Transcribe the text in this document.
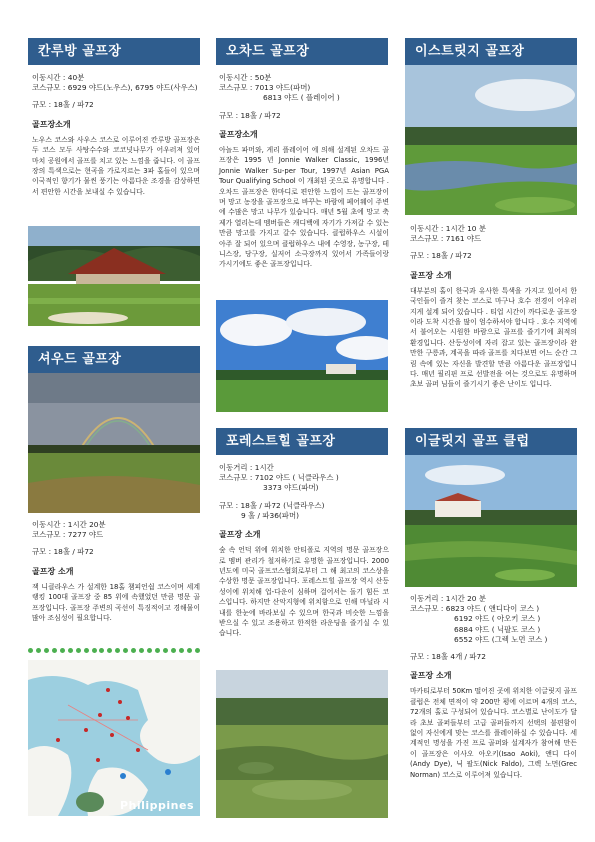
칸루방 골프장
이동시간 : 40분
코스규모 : 6929 야드(노우스), 6795 야드(사우스)
규모 : 18홀 / 파72
골프장소개
노우스 코스와 사우스 코스로 이루어진 칸루방 골프장은 두 코스 모두 사탕수수와 코코넛나무가 어우러져 있어 마치 공원에서 골프를 치고 있는 느낌을 줍니다. 이 골프장의 특색으로는 현곡을 가로지르는 3파 홀들이 있으며 이국적인 향기가 물씬 풍기는 아름다운 조경을 감상하면서 편안한 시간을 보내실 수 있습니다.
셔우드 골프장
이동시간 : 1시간 20분
코스규모 : 7277 야드
규모 : 18홀 / 파72
골프장 소개
잭 니클라우스 가 설계한 18홀 챔피언쉽 코스이며 세계 랭킹 100대 골프장 중 85 위에 속했었던 만큼 명문 골프장입니다. 골프장 주변의 곡선이 특징적이고 경해물이 많아 조심성이 필요합니다.
Philippines
오차드 골프장
이동시간 : 50분
코스규모 : 7013 야드(파머)
6813 야드 ( 플레이어 )
규모 : 18홀 / 파72
골프장소개
아놀드 파머와, 게리 플레이어 에 의해 설계된 오차드 골프장은 1995 년 Jonnie Walker Classic, 1996년 Jonnie Walker Su-per Tour, 1997년 Asian PGA Tour Qualifying School 이 개최된 곳으로 유명합니다 . 오차드 골프장은 한마디로 편안한 느낌이 드는 골프장이며 망고 농장을 골프장으로 바꾸는 바람에 페어웨이 주변에 수많은 망고 나무가 있습니다. 매년 5월 초에 망고 축제가 열리는데 멤버들은 캐디백에 자기가 가져갈 수 있는 만큼 망고를 가지고 갈수 있습니다. 클럽하우스 시설이 아주 잘 되어 있으며 클럽하우스 내에 수영장, 농구장, 테니스장, 당구장, 실저어 소극장까지 있어서 가족들이랑 가시기에도 좋은 골프장입니다.
포레스트힐 골프장
이동거리 : 1시간
코스규모 : 7102 야드 ( 닉클라우스 )
3373 야드(파머)
규모 : 18홀 / 파72 (닉클라우스)
9 홀 / 파36(파머)
골프장 소개
숲 속 언덕 위에 위치한 안티폴로 지역의 명문 골프장으로 멤버 관리가 철저하기로 유명한 골프장입니다. 2000년도에 미국 골프코스협회로부터 그 해 최고의 코스상을 수상한 명문 골프장입니다. 포레스트힐 골프장 역시 산등성이에 위치해 업-다운이 심하며 걸어서는 돌기 힘든 코스입니다. 하지만 산악지형에 위치함으로 인해 마닐라 시내를 한눈에 바라보실 수 있으며 한국과 비슷한 느낌을 받으실 수 있고 조용하고 한적한 라운딩을 즐기실 수 있습니다.
이스트릿지 골프장
이동시간 : 1시간 10 분
코스규모 : 7161 야드
규모 : 18홀 / 파72
골프장 소개
대부분의 홀이 한국과 유사한 특색을 가지고 있어서 한국인들이 즐겨 찾는 코스로 마구나 호수 전경이 어우러지게 설계 되어 있습니다 . 티업 시간이 까다로운 골프장이라 도착 시간을 많이 엄수하셔야 합니다 . 호수 지역에서 불어오는 시원한 바람으로 골프를 즐기기에 최적의 환경입니다. 산등성이에 자리 잡고 있는 골프장이라 완만한 구릉과, 계곡을 따라 골프를 치다보면 어느 순간 그림 속에 있는 자신을 발견할 만큼 아름다운 골프장입니다. 매년 필리핀 프로 선발전을 여는 것으로도 유명하며 초보 골퍼 님들이 즐기시기 좋은 난이도 입니다.
이글릿지 골프 클럽
이동거리 : 1시간 20 분
코스규모 : 6823 야드 ( 앤디다이 코스 )
6192 야드 ( 아오키 코스 )
6884 야드 ( 닉팔도 코스 )
6552 야드 (그렉 노먼 코스 )
규모 : 18홀 4개 / 파72
골프장 소개
마카티로부터 50Km 떨어진 곳에 위치한 이글릿지 골프 클럽은 전체 면적이 약 200만 평에 이르며 4개의 코스, 72개의 홀로 구성되어 있습니다. 코스별로 난이도가 달라 초보 골퍼들부터 고급 골퍼들까지 선택의 불편함이 없이 자신에게 맞는 코스를 플레이하실 수 있습니다. 세계적인 명성을 가진 프로 골퍼와 설계자가 참여해 만든 이 골프장은 이사오 아오키(Isao Aoki), 앤디 다이 (Andy Dye), 닉 팔도(Nick Faldo), 그렉 노먼(Grec Norman) 코스로 이루어져 있습니다.
